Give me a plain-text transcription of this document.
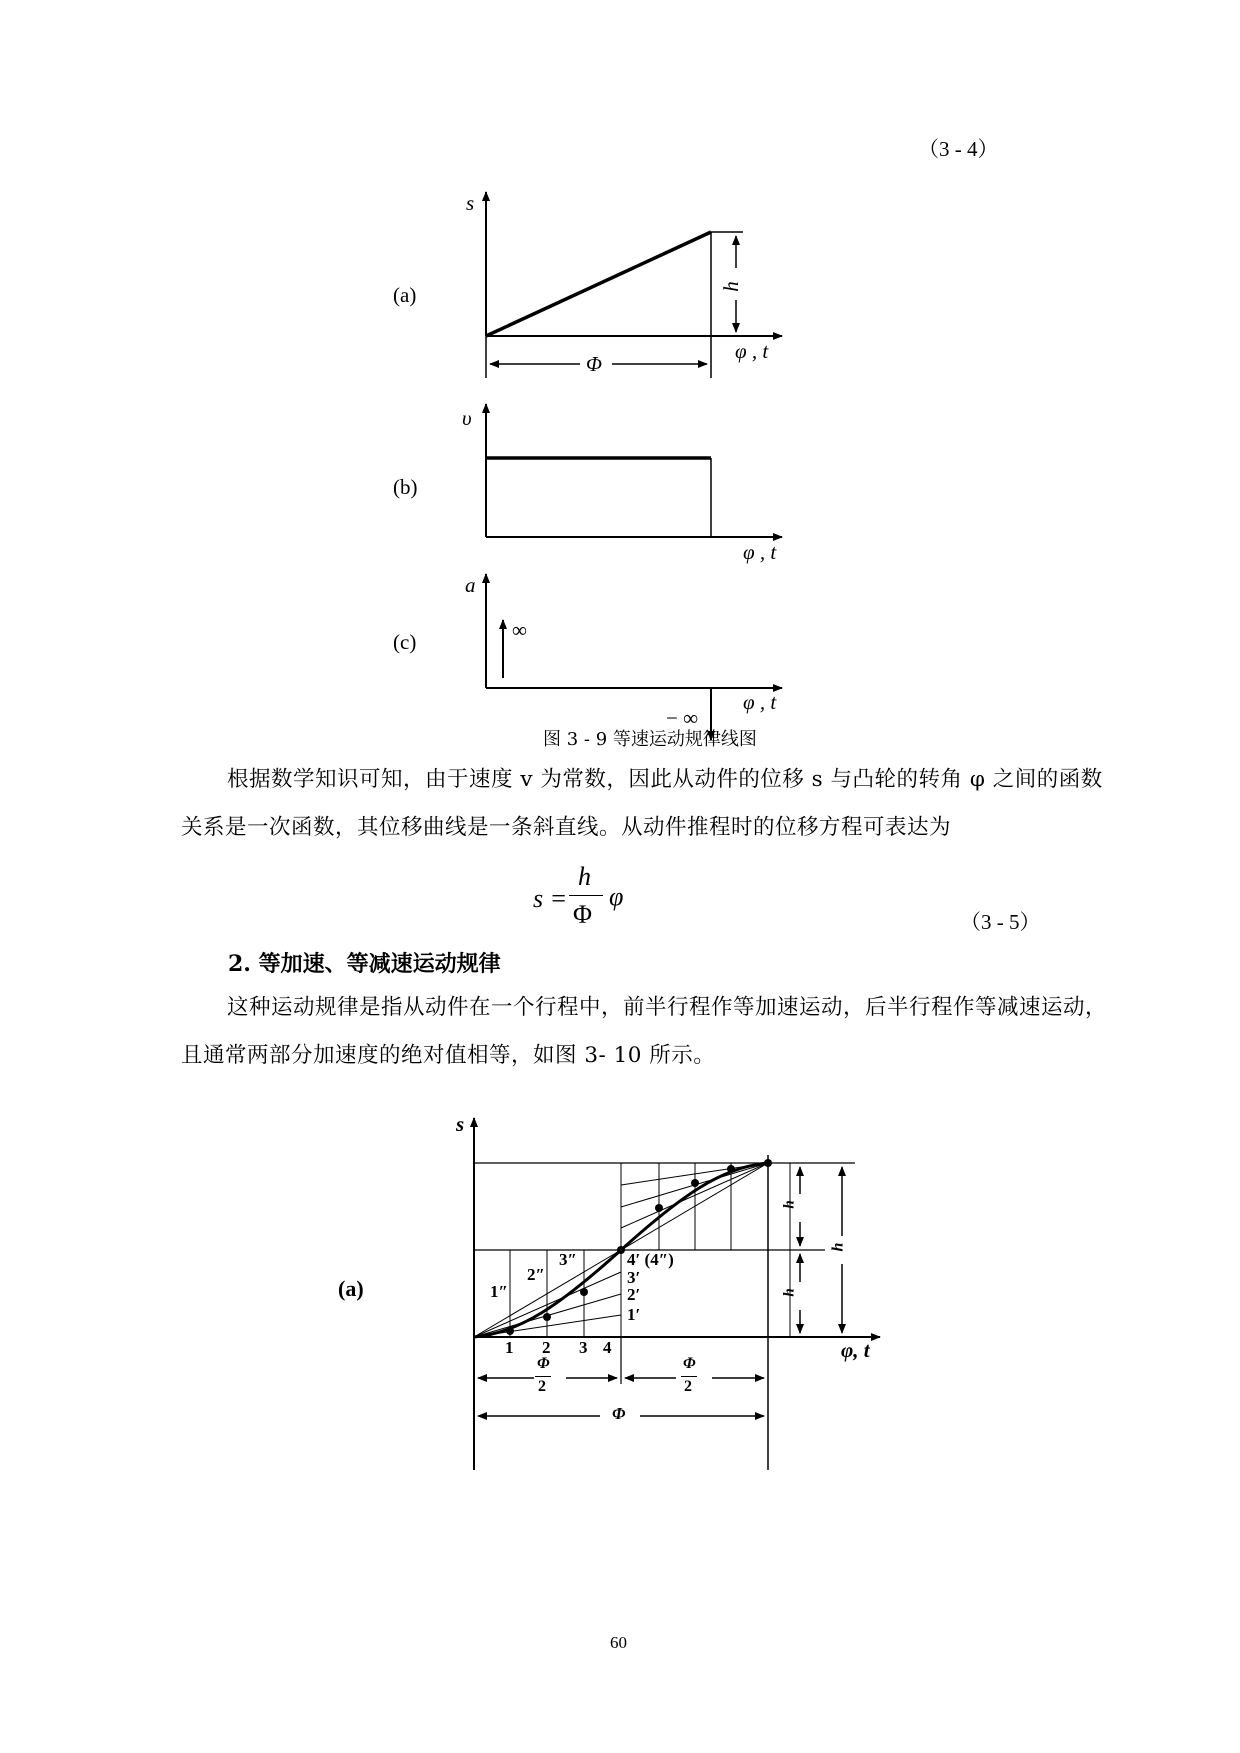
（3 - 4）
(a)
s
φ , t
h
Φ
(b)
υ
φ , t
(c)
a
φ , t
∞
− ∞
图 3 - 9 等速运动规律线图
根据数学知识可知，由于速度 v 为常数，因此从动件的位移 s 与凸轮的转角 φ 之间的函数关系是一次函数，其位移曲线是一条斜直线。从动件推程时的位移方程可表达为
s =
h
Φ
φ
（3 - 5）
2. 等加速、等减速运动规律
这种运动规律是指从动件在一个行程中，前半行程作等加速运动，后半行程作等减速运动，且通常两部分加速度的绝对值相等，如图 3- 10 所示。
(a)
s
φ, t
1″
2″
3″	4′ (4″)
3′
2′
1′
1 2 3 4
Φ
2
Φ
2
Φ
h
h
h
60
